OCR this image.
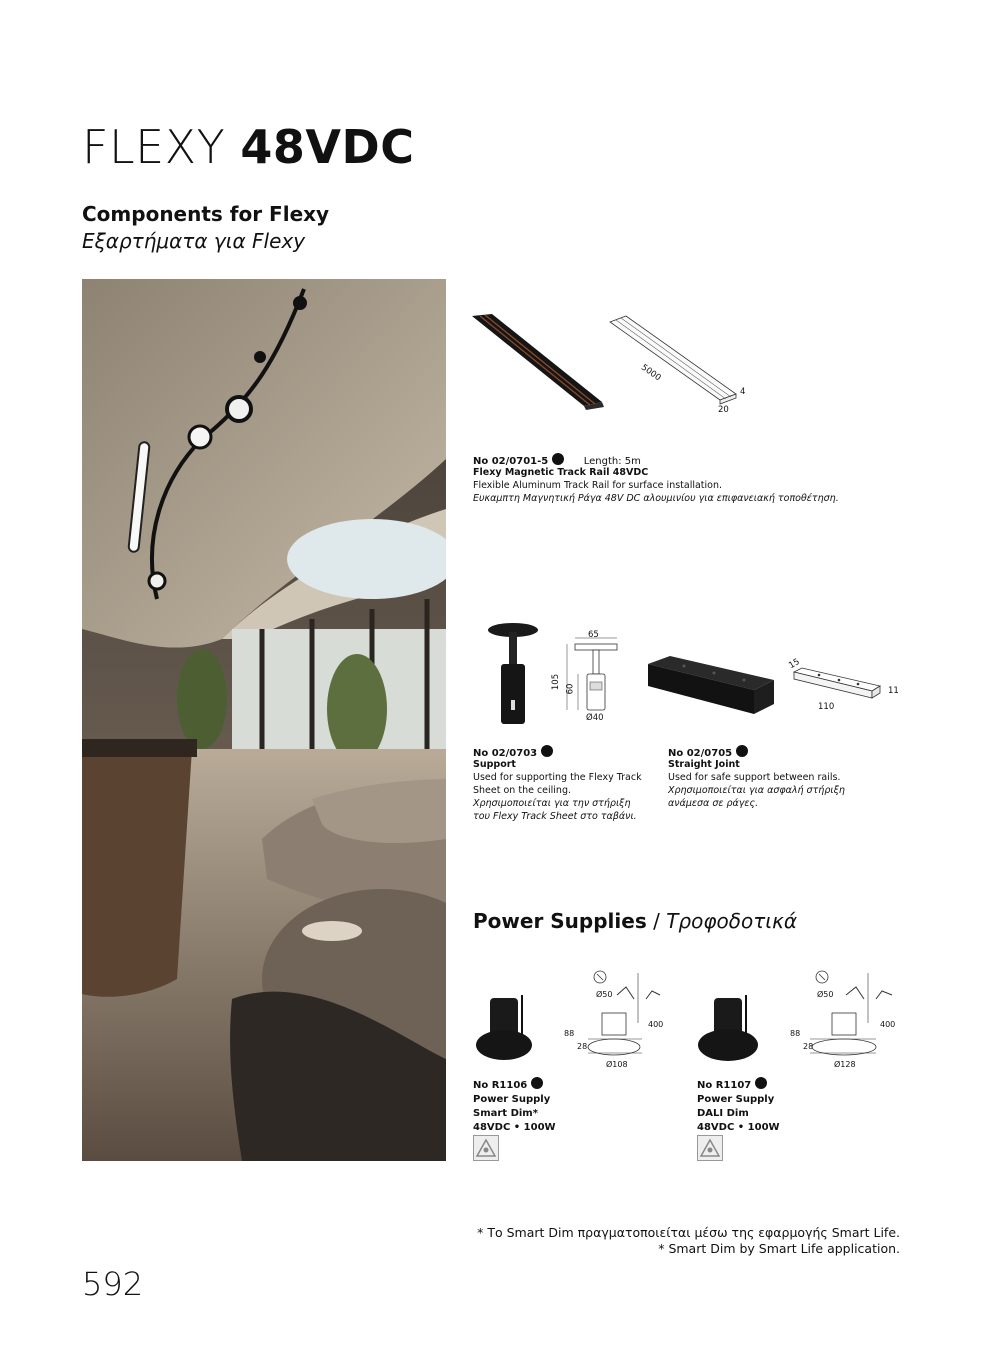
FLEXY 48VDC
Components for Flexy
Εξαρτήματα για Flexy
5000
4
20
No 02/0701-5	Length: 5m
Flexy Magnetic Track Rail 48VDC
Flexible Aluminum Track Rail for surface installation.
Ευκαμπτη Μαγνητική Ράγα 48V DC αλουμινίου για επιφανειακή τοποθέτηση.
65
105 60
Ø40
No 02/0703
Support
Used for supporting the Flexy Track
Sheet on the ceiling.
Χρησιμοποιείται για την στήριξη
του Flexy Track Sheet στο ταβάνι.
15
11
110
No 02/0705
Straight Joint
Used for safe support between rails.
Χρησιμοποιείται για ασφαλή στήριξη
ανάμεσα σε ράγες.
Power Supplies / Τροφοδοτικά
Ø50
400
88
28
Ø108
No R1106
Power Supply
Smart Dim*
48VDC • 100W
Ø50
400
88
28
Ø128
No R1107
Power Supply
DALI Dim
48VDC • 100W
* Το Smart Dim πραγματοποιείται μέσω της εφαρμογής Smart Life.
* Smart Dim by Smart Life application.
592
